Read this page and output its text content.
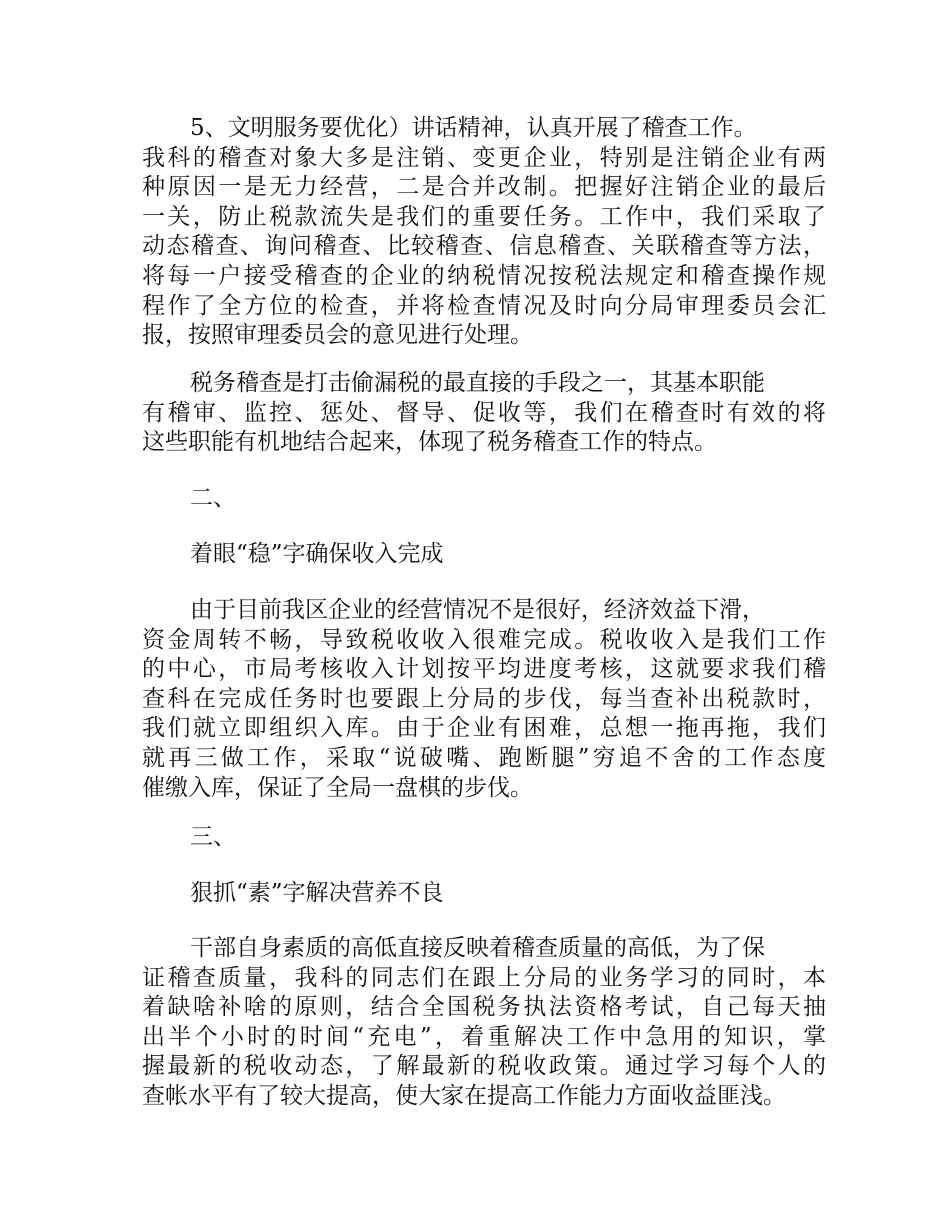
5、文明服务要优化）讲话精神，认真开展了稽查工作。
我科的稽查对象大多是注销、变更企业，特别是注销企业有两
种原因一是无力经营，二是合并改制。把握好注销企业的最后
一关，防止税款流失是我们的重要任务。工作中，我们采取了
动态稽查、询问稽查、比较稽查、信息稽查、关联稽查等方法，
将每一户接受稽查的企业的纳税情况按税法规定和稽查操作规
程作了全方位的检查，并将检查情况及时向分局审理委员会汇
报，按照审理委员会的意见进行处理。
税务稽查是打击偷漏税的最直接的手段之一，其基本职能
有稽审、监控、惩处、督导、促收等，我们在稽查时有效的将
这些职能有机地结合起来，体现了税务稽查工作的特点。
二、
着眼“稳”字确保收入完成
由于目前我区企业的经营情况不是很好，经济效益下滑，
资金周转不畅，导致税收收入很难完成。税收收入是我们工作
的中心，市局考核收入计划按平均进度考核，这就要求我们稽
查科在完成任务时也要跟上分局的步伐，每当查补出税款时，
我们就立即组织入库。由于企业有困难，总想一拖再拖，我们
就再三做工作，采取“说破嘴、跑断腿”穷追不舍的工作态度
催缴入库，保证了全局一盘棋的步伐。
三、
狠抓“素”字解决营养不良
干部自身素质的高低直接反映着稽查质量的高低，为了保
证稽查质量，我科的同志们在跟上分局的业务学习的同时，本
着缺啥补啥的原则，结合全国税务执法资格考试，自己每天抽
出半个小时的时间“充电”，着重解决工作中急用的知识，掌
握最新的税收动态，了解最新的税收政策。通过学习每个人的
查帐水平有了较大提高，使大家在提高工作能力方面收益匪浅。
